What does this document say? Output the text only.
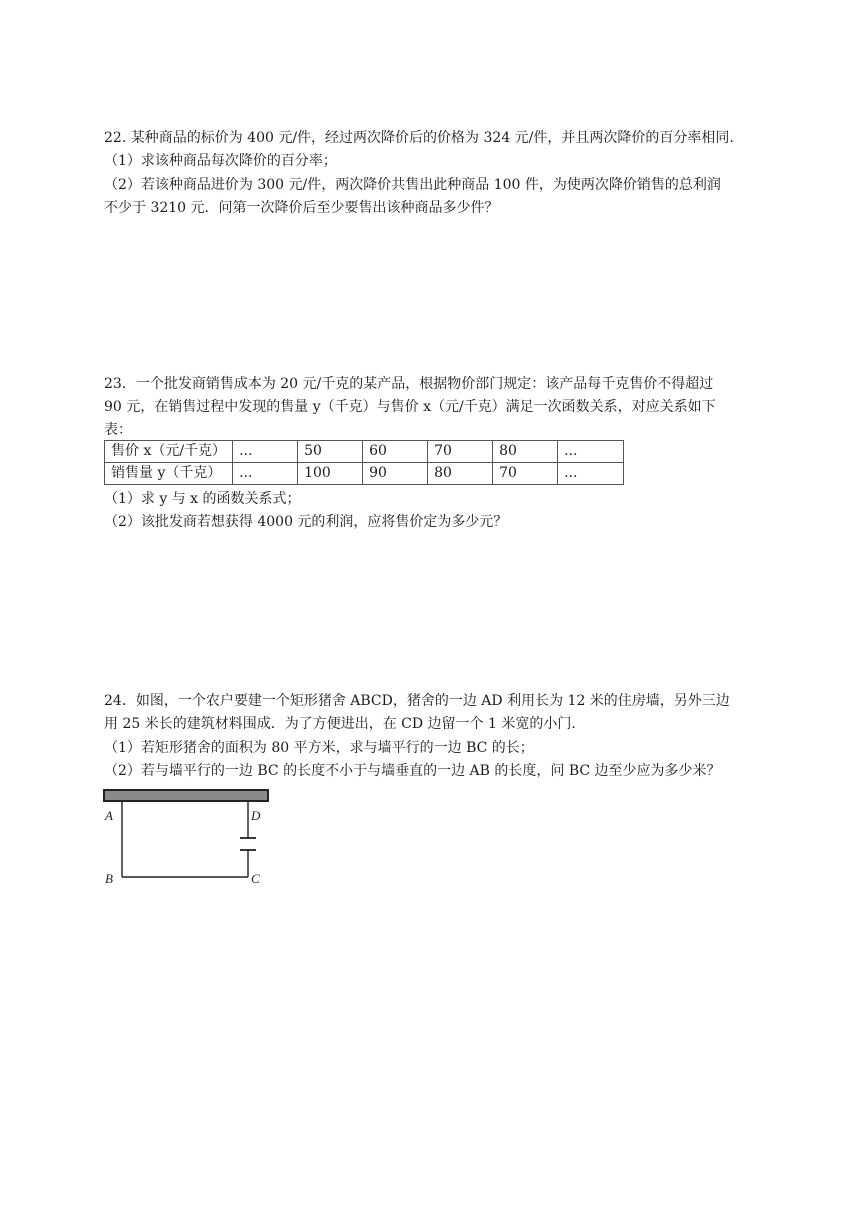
22. 某种商品的标价为 400 元/件，经过两次降价后的价格为 324 元/件，并且两次降价的百分率相同.
（1）求该种商品每次降价的百分率；
（2）若该种商品进价为 300 元/件，两次降价共售出此种商品 100 件，为使两次降价销售的总利润
不少于 3210 元．问第一次降价后至少要售出该种商品多少件？
23．一个批发商销售成本为 20 元/千克的某产品，根据物价部门规定：该产品每千克售价不得超过
90 元，在销售过程中发现的售量 y（千克）与售价 x（元/千克）满足一次函数关系，对应关系如下
表：
售价 x（元/千克）	...	50	60	70	80	...
销售量 y（千克）	...	100	90	80	70	...
（1）求 y 与 x 的函数关系式；
（2）该批发商若想获得 4000 元的利润，应将售价定为多少元？
24．如图，一个农户要建一个矩形猪舍 ABCD，猪舍的一边 AD 利用长为 12 米的住房墙，另外三边
用 25 米长的建筑材料围成．为了方便进出，在 CD 边留一个 1 米宽的小门.
（1）若矩形猪舍的面积为 80 平方米，求与墙平行的一边 BC 的长；
（2）若与墙平行的一边 BC 的长度不小于与墙垂直的一边 AB 的长度，问 BC 边至少应为多少米？
A	D
B	C
